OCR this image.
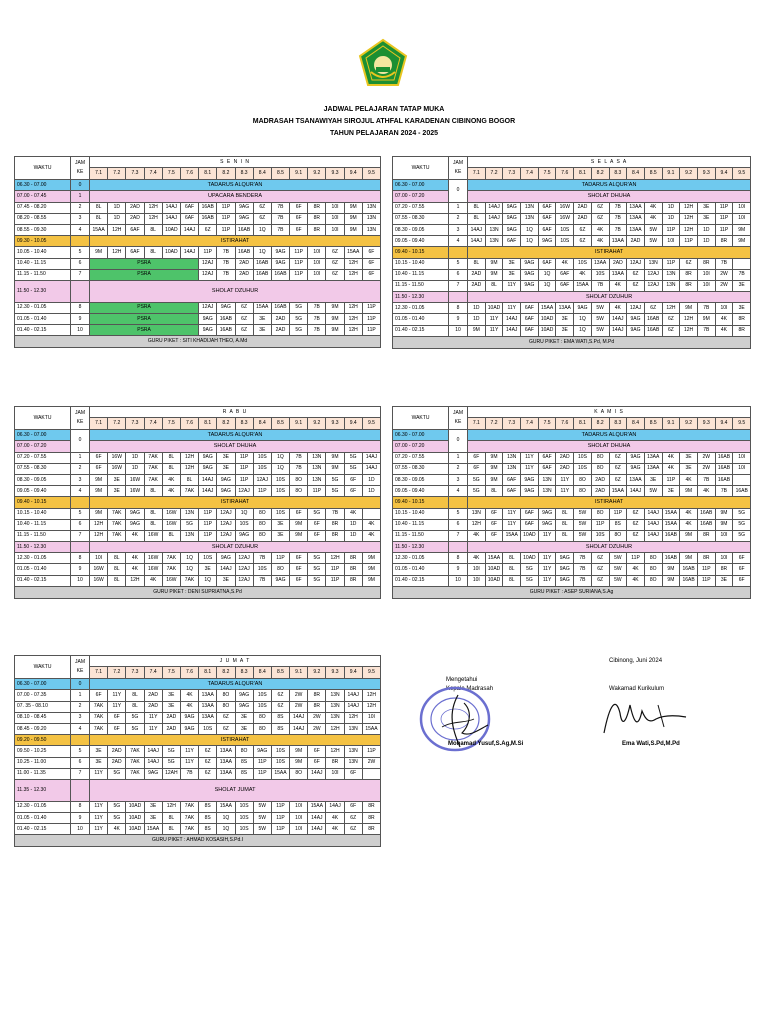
JADWAL PELAJARAN TATAP MUKA
MADRASAH TSANAWIYAH SIROJUL ATHFAL KARADENAN CIBINONG BOGOR
TAHUN PELAJARAN 2024 - 2025
WAKTU	JAM
KE	S E N I N															
		7.1	7.2	7.3	7.4	7.5	7.6	8.1	8.2	8.3	8.4	8.5	9.1	9.2	9.3	9.4	9.5
06.30 - 07.00	0	TADARUS ALQUR'AN															
07.00 - 07.45	1	UPACARA BENDERA															
07.45 - 08.20	2	8L	1D	2AD	12H	14AJ	6AF	16AB	11P	9AG	6Z	7B	6F	8R	10I	9M	13N
08.20 - 08.55	3	8L	1D	2AD	12H	14AJ	6AF	16AB	11P	9AG	6Z	7B	6F	8R	10I	9M	13N
08.55 - 09.30	4	15AA	12H	6AF	8L	10AD	14AJ	6Z	11P	16AB	1Q	7B	6F	8R	10I	9M	13N
09.30 - 10.05		ISTIRAHAT															
10.05 - 10.40	5	9M	12H	6AF	8L	10AD	14AJ	11P	7B	16AB	1Q	9AG	11P	10I	6Z	15AA	6F
10.40 - 11.15	6	PSRA						12AJ	7B	2AD	16AB	9AG	11P	10I	6Z	12H	6F
11.15 - 11.50	7	PSRA						12AJ	7B	2AD	16AB	16AB	11P	10I	6Z	12H	6F
11.50 - 12.30		SHOLAT DZUHUR															
12.30 - 01.05	8	PSRA						12AJ	9AG	6Z	15AA	16AB	5G	7B	9M	12H	11P
01.05 - 01.40	9	PSRA						9AG	16AB	6Z	3E	2AD	5G	7B	9M	12H	11P
01.40 - 02.15	10	PSRA						9AG	16AB	6Z	3E	2AD	5G	7B	9M	12H	11P
GURU PIKET : SITI KHADIJAH THEO, A.Md																	
WAKTU	JAM
KE	S E L A S A															
		7.1	7.2	7.3	7.4	7.5	7.6	8.1	8.2	8.3	8.4	8.5	9.1	9.2	9.3	9.4	9.5
06.30 - 07.00	0	TADARUS ALQUR'AN															
07.00 - 07.20		SHOLAT DHUHA															
07.20 - 07.55	1	8L	14AJ	9AG	13N	6AF	16W	2AD	6Z	7B	13AA	4K	1D	12H	3E	11P	10I
07.55 - 08.30	2	8L	14AJ	9AG	13N	6AF	16W	2AD	6Z	7B	13AA	4K	1D	12H	3E	11P	10I
08.30 - 09.05	3	14AJ	13N	9AG	1Q	6AF	10S	6Z	4K	7B	13AA	5W	11P	12H	1D	11P	9M
09.05 - 09.40	4	14AJ	13N	6AF	1Q	9AG	10S	6Z	4K	13AA	2AD	5W	10I	11P	1D	8R	9M
09.40 - 10.15		ISTIRAHAT															
10.15 - 10.40	5	8L	9M	3E	9AG	6AF	4K	10S	13AA	2AD	12AJ	13N	11P	6Z	8R	7B	
10.40 - 11.15	6	2AD	9M	3E	9AG	1Q	6AF	4K	10S	13AA	6Z	12AJ	13N	8R	10I	2W	7B
11.15 - 11.50	7	2AD	8L	11Y	9AG	1Q	6AF	15AA	7B	4K	6Z	12AJ	13N	8R	10I	2W	3E
11.50 - 12.30		SHOLAT DZUHUR															
12.30 - 01.05	8	1D	10AD	11Y	6AF	15AA	13AA	9AG	5W	4K	12AJ	6Z	12H	9M	7B	10I	3E
01.05 - 01.40	9	1D	11Y	14AJ	6AF	10AD	3E	1Q	5W	14AJ	9AG	16AB	6Z	12H	9M	4K	8R
01.40 - 02.15	10	9M	11Y	14AJ	6AF	10AD	3E	1Q	5W	14AJ	9AG	16AB	6Z	12H	7B	4K	8R
GURU PIKET : EMA WATI,S.Pd, M.Pd																	
WAKTU	JAM
KE	R A B U															
		7.1	7.2	7.3	7.4	7.5	7.6	8.1	8.2	8.3	8.4	8.5	9.1	9.2	9.3	9.4	9.5
06.30 - 07.00	0	TADARUS ALQUR'AN															
07.00 - 07.20		SHOLAT DHUHA															
07.20 - 07.55	1	6F	16W	1D	7AK	8L	12H	9AG	3E	11P	10S	1Q	7B	13N	9M	5G	14AJ
07.55 - 08.30	2	6F	16W	1D	7AK	8L	12H	9AG	3E	11P	10S	1Q	7B	13N	9M	5G	14AJ
08.30 - 09.05	3	9M	3E	16W	7AK	4K	8L	14AJ	9AG	11P	12AJ	10S	8O	13N	5G	6F	1D
09.05 - 09.40	4	9M	3E	16W	8L	4K	7AK	14AJ	9AG	12AJ	11P	10S	8O	11P	5G	6F	1D
09.40 - 10.15		ISTIRAHAT															
10.15 - 10.40	5	9M	7AK	9AG	8L	16W	13N	11P	12AJ	1Q	8O	10S	6F	5G	7B	4K	
10.40 - 11.15	6	12H	7AK	9AG	8L	16W	5G	11P	12AJ	10S	8O	3E	9M	6F	8R	1D	4K
11.15 - 11.50	7	12H	7AK	4K	16W	8L	13N	11P	12AJ	9AG	8O	3E	9M	6F	8R	1D	4K
11.50 - 12.30		SHOLAT DZUHUR															
12.30 - 01.05	8	10I	8L	4K	16W	7AK	1Q	10S	9AG	12AJ	7B	11P	6F	5G	12H	8R	9M
01.05 - 01.40	9	16W	8L	4K	16W	7AK	1Q	3E	14AJ	12AJ	10S	8O	6F	5G	11P	8R	9M
01.40 - 02.15	10	16W	8L	12H	4K	16W	7AK	1Q	3E	12AJ	7B	9AG	6F	5G	11P	8R	9M
GURU PIKET : DENI SUPRIATNA,S.Pd																	
WAKTU	JAM
KE	K A M I S															
		7.1	7.2	7.3	7.4	7.5	7.6	8.1	8.2	8.3	8.4	8.5	9.1	9.2	9.3	9.4	9.5
06.30 - 07.00	0	TADARUS ALQUR'AN															
07.00 - 07.20		SHOLAT DHUHA															
07.20 - 07.55	1	6F	9M	13N	11Y	6AF	2AD	10S	8O	6Z	9AG	13AA	4K	3E	2W	16AB	10I
07.55 - 08.30	2	6F	9M	13N	11Y	6AF	2AD	10S	8O	6Z	9AG	13AA	4K	3E	2W	16AB	10I
08.30 - 09.05	3	5G	9M	6AF	9AG	13N	11Y	8O	2AD	6Z	13AA	3E	11P	4K	7B	16AB	
09.05 - 09.40	4	5G	8L	6AF	9AG	13N	11Y	8O	2AD	15AA	14AJ	5W	3E	9M	4K	7B	16AB
09.40 - 10.15		ISTIRAHAT															
10.15 - 10.40	5	13N	6F	11Y	6AF	9AG	8L	5W	8O	11P	6Z	14AJ	15AA	4K	16AB	9M	5G
10.40 - 11.15	6	12H	6F	11Y	6AF	9AG	8L	5W	11P	8S	6Z	14AJ	15AA	4K	16AB	9M	5G
11.15 - 11.50	7	4K	6F	15AA	10AD	11Y	8L	5W	10S	8O	6Z	14AJ	16AB	9M	8R	10I	5G
11.50 - 12.30		SHOLAT DZUHUR															
12.30 - 01.05	8	4K	15AA	8L	10AD	11Y	9AG	7B	6Z	5W	11P	8O	16AB	9M	8R	10I	6F
01.05 - 01.40	9	10I	10AD	8L	5G	11Y	9AG	7B	6Z	5W	4K	8O	9M	16AB	11P	8R	6F
01.40 - 02.15	10	10I	10AD	8L	5G	11Y	9AG	7B	6Z	5W	4K	8O	9M	16AB	11P	3E	6F
GURU PIKET : ASEP SURIANA,S.Ag																	
WAKTU	JAM
KE	J U M A T															
		7.1	7.2	7.3	7.4	7.5	7.6	8.1	8.2	8.3	8.4	8.5	9.1	9.2	9.3	9.4	9.5
06.30 - 07.00	0	TADARUS ALQUR'AN															
07.00 - 07.35	1	6F	11Y	8L	2AD	3E	4K	13AA	8O	9AG	10S	6Z	2W	8R	13N	14AJ	12H
07. 35 - 08.10	2	7AK	11Y	8L	2AD	3E	4K	13AA	8O	9AG	10S	6Z	2W	8R	13N	14AJ	12H
08.10 - 08.45	3	7AK	6F	5G	11Y	2AD	9AG	13AA	6Z	3E	8O	8S	14AJ	2W	13N	12H	10I
08.45 - 09.20	4	7AK	6F	5G	11Y	2AD	9AG	10S	6Z	3E	8O	8S	14AJ	2W	12H	13N	15AA
09.20 - 09.50		ISTIRAHAT															
09.50 - 10.25	5	3E	2AD	7AK	14AJ	5G	11Y	6Z	13AA	8O	9AG	10S	9M	6F	12H	13N	11P
10.25 - 11.00	6	3E	2AD	7AK	14AJ	5G	11Y	6Z	13AA	8S	11P	10S	9M	6F	8R	13N	2W
11.00 - 11.35	7	11Y	5G	7AK	9AG	12AH	7B	6Z	13AA	8S	11P	15AA	8O	14AJ	10I	6F	
11.35 - 12.30		SHOLAT JUMAT															
12.30 - 01.05	8	11Y	5G	10AD	3E	12H	7AK	8S	15AA	10S	5W	11P	10I	15AA	14AJ	6F	8R
01.05 - 01.40	9	11Y	5G	10AD	3E	8L	7AK	8S	1Q	10S	5W	11P	10I	14AJ	4K	6Z	8R
01.40 - 02.15	10	11Y	4K	10AD	15AA	8L	7AK	8S	1Q	10S	5W	11P	10I	14AJ	4K	6Z	8R
GURU PIKET : AHMAD KOSASIH,S.Pd.I																	
Mengetahui
Kepala Madrasah
Mohamad Yusuf,S.Ag,M.Si
Cibinong, Juni 2024
Wakamad Kurikulum
Ema Wati,S.Pd,M.Pd
